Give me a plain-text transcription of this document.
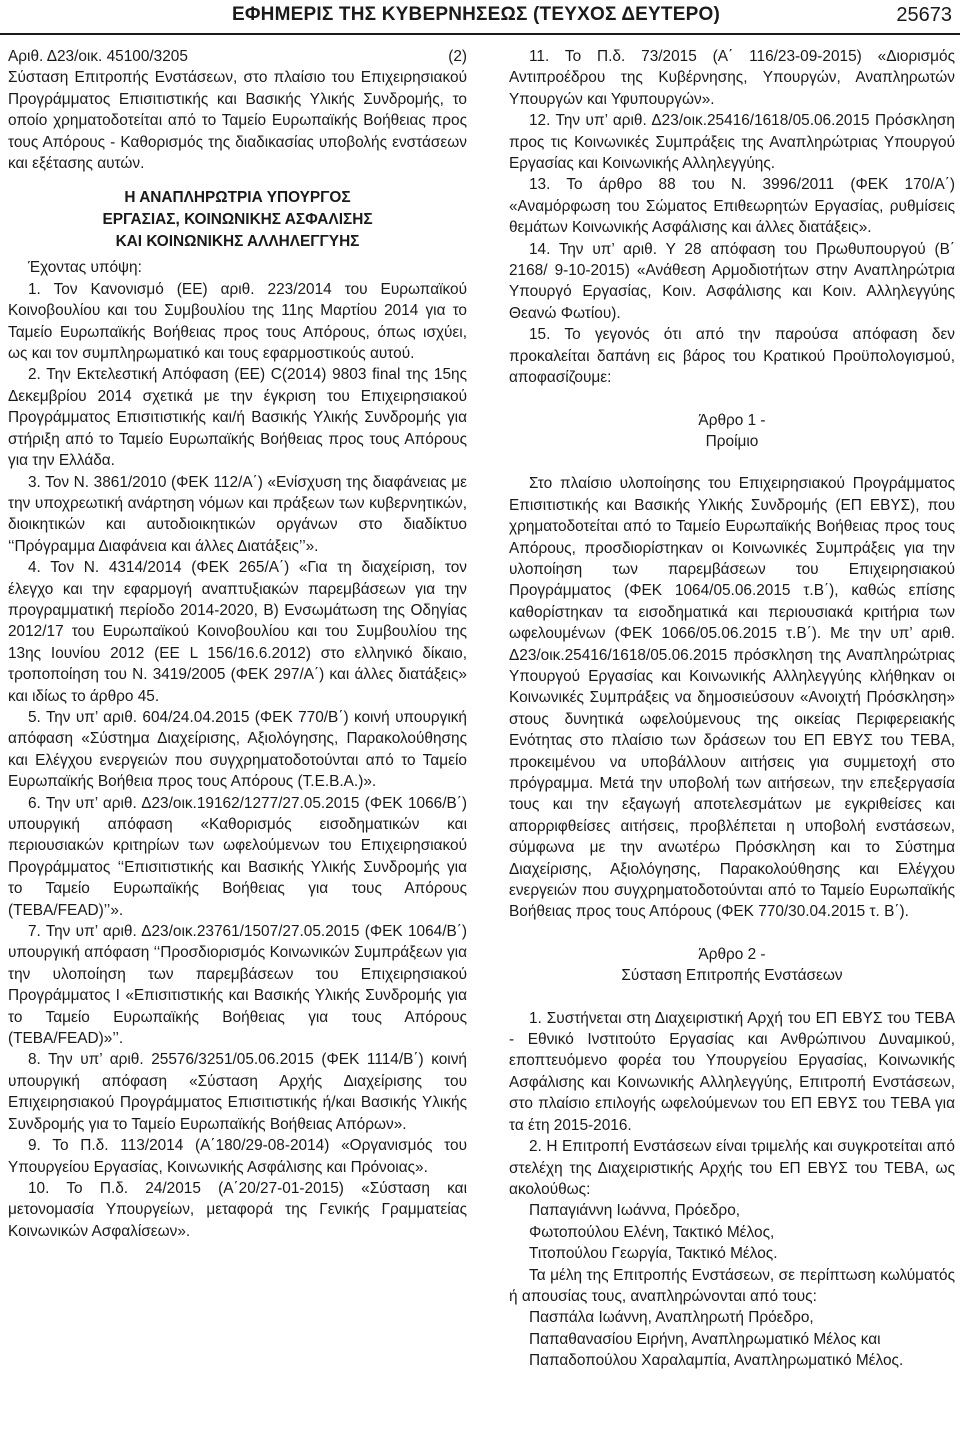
ΕΦΗΜΕΡΙΣ ΤΗΣ ΚΥΒΕΡΝΗΣΕΩΣ (ΤΕΥΧΟΣ ΔΕΥΤΕΡΟ)	25673
Αριθ. Δ23/οικ. 45100/3205	(2)

Σύσταση Επιτροπής Ενστάσεων, στο πλαίσιο του Επιχειρησιακού Προγράμματος Επισιτιστικής και Βασικής Υλικής Συνδρομής, το οποίο χρηματοδοτείται από το Ταμείο Ευρωπαϊκής Βοήθειας προς τους Απόρους - Καθορισμός της διαδικασίας υποβολής ενστάσεων και εξέτασης αυτών.

Η ΑΝΑΠΛΗΡΩΤΡΙΑ ΥΠΟΥΡΓΟΣ
ΕΡΓΑΣΙΑΣ, ΚΟΙΝΩΝΙΚΗΣ ΑΣΦΑΛΙΣΗΣ
ΚΑΙ ΚΟΙΝΩΝΙΚΗΣ ΑΛΛΗΛΕΓΓΥΗΣ

Έχοντας υπόψη:

1. Τον Κανονισμό (ΕΕ) αριθ. 223/2014 του Ευρωπαϊκού Κοινοβουλίου και του Συμβουλίου της 11ης Μαρτίου 2014 για το Ταμείο Ευρωπαϊκής Βοήθειας προς τους Απόρους, όπως ισχύει, ως και τον συμπληρωματικό και τους εφαρμοστικούς αυτού.

2. Την Εκτελεστική Απόφαση (ΕΕ) C(2014) 9803 final της 15ης Δεκεμβρίου 2014 σχετικά με την έγκριση του Επιχειρησιακού Προγράμματος Επισιτιστικής και/ή Βασικής Υλικής Συνδρομής για στήριξη από το Ταμείο Ευρωπαϊκής Βοήθειας προς τους Απόρους για την Ελλάδα.

3. Τον Ν. 3861/2010 (ΦΕΚ 112/Α΄) «Ενίσχυση της διαφάνειας με την υποχρεωτική ανάρτηση νόμων και πράξεων των κυβερνητικών, διοικητικών και αυτοδιοικητικών οργάνων στο διαδίκτυο ‘‘Πρόγραμμα Διαφάνεια και άλλες Διατάξεις’’».

4. Τον Ν. 4314/2014 (ΦΕΚ 265/Α΄) «Για τη διαχείριση, τον έλεγχο και την εφαρμογή αναπτυξιακών παρεμβάσεων για την προγραμματική περίοδο 2014-2020, Β) Ενσωμάτωση της Οδηγίας 2012/17 του Ευρωπαϊκού Κοινοβουλίου και του Συμβουλίου της 13ης Ιουνίου 2012 (ΕΕ L 156/16.6.2012) στο ελληνικό δίκαιο, τροποποίηση του Ν. 3419/2005 (ΦΕΚ 297/Α΄) και άλλες διατάξεις» και ιδίως το άρθρο 45.

5. Την υπ’ αριθ. 604/24.04.2015 (ΦΕΚ 770/Β΄) κοινή υπουργική απόφαση «Σύστημα Διαχείρισης, Αξιολόγησης, Παρακολούθησης και Ελέγχου ενεργειών που συγχρηματοδοτούνται από το Ταμείο Ευρωπαϊκής Βοήθεια προς τους Απόρους (Τ.Ε.Β.Α.)».

6. Την υπ’ αριθ. Δ23/οικ.19162/1277/27.05.2015 (ΦΕΚ 1066/Β΄) υπουργική απόφαση «Καθορισμός εισοδηματικών και περιουσιακών κριτηρίων των ωφελούμενων του Επιχειρησιακού Προγράμματος ‘‘Επισιτιστικής και Βασικής Υλικής Συνδρομής για το Ταμείο Ευρωπαϊκής Βοήθειας για τους Απόρους (ΤΕΒΑ/FEAD)’’».

7. Την υπ’ αριθ. Δ23/οικ.23761/1507/27.05.2015 (ΦΕΚ 1064/Β΄) υπουργική απόφαση ‘‘Προσδιορισμός Κοινωνικών Συμπράξεων για την υλοποίηση των παρεμβάσεων του Επιχειρησιακού Προγράμματος Ι «Επισιτιστικής και Βασικής Υλικής Συνδρομής για το Ταμείο Ευρωπαϊκής Βοήθειας για τους Απόρους (ΤΕΒΑ/FEAD)»’’.

8. Την υπ’ αριθ. 25576/3251/05.06.2015 (ΦΕΚ 1114/Β΄) κοινή υπουργική απόφαση «Σύσταση Αρχής Διαχείρισης του Επιχειρησιακού Προγράμματος Επισιτιστικής ή/και Βασικής Υλικής Συνδρομής για το Ταμείο Ευρωπαϊκής Βοήθειας Απόρων».

9. Το Π.δ. 113/2014 (Α΄180/29-08-2014) «Οργανισμός του Υπουργείου Εργασίας, Κοινωνικής Ασφάλισης και Πρόνοιας».

10. Το Π.δ. 24/2015 (Α΄20/27-01-2015) «Σύσταση και μετονομασία Υπουργείων, μεταφορά της Γενικής Γραμματείας Κοινωνικών Ασφαλίσεων».

11. Το Π.δ. 73/2015 (Α΄ 116/23-09-2015) «Διορισμός Αντιπροέδρου της Κυβέρνησης, Υπουργών, Αναπληρωτών Υπουργών και Υφυπουργών».

12. Την υπ’ αριθ. Δ23/οικ.25416/1618/05.06.2015 Πρόσκληση προς τις Κοινωνικές Συμπράξεις της Αναπληρώτριας Υπουργού Εργασίας και Κοινωνικής Αλληλεγγύης.

13. Το άρθρο 88 του Ν. 3996/2011 (ΦΕΚ 170/Α΄) «Αναμόρφωση του Σώματος Επιθεωρητών Εργασίας, ρυθμίσεις θεμάτων Κοινωνικής Ασφάλισης και άλλες διατάξεις».

14. Την υπ’ αριθ. Υ 28 απόφαση του Πρωθυπουργού (Β΄ 2168/ 9-10-2015) «Ανάθεση Αρμοδιοτήτων στην Αναπληρώτρια Υπουργό Εργασίας, Κοιν. Ασφάλισης και Κοιν. Αλληλεγγύης Θεανώ Φωτίου).

15. Το γεγονός ότι από την παρούσα απόφαση δεν προκαλείται δαπάνη εις βάρος του Κρατικού Προϋπολογισμού, αποφασίζουμε:

Άρθρο 1 -

Προίμιο

Στο πλαίσιο υλοποίησης του Επιχειρησιακού Προγράμματος Επισιτιστικής και Βασικής Υλικής Συνδρομής (ΕΠ ΕΒΥΣ), που χρηματοδοτείται από το Ταμείο Ευρωπαϊκής Βοήθειας προς τους Απόρους, προσδιορίστηκαν οι Κοινωνικές Συμπράξεις για την υλοποίηση των παρεμβάσεων του Επιχειρησιακού Προγράμματος (ΦΕΚ 1064/05.06.2015 τ.Β΄), καθώς επίσης καθορίστηκαν τα εισοδηματικά και περιουσιακά κριτήρια των ωφελουμένων (ΦΕΚ 1066/05.06.2015 τ.Β΄). Με την υπ’ αριθ. Δ23/οικ.25416/1618/05.06.2015 πρόσκληση της Αναπληρώτριας Υπουργού Εργασίας και Κοινωνικής Αλληλεγγύης κλήθηκαν οι Κοινωνικές Συμπράξεις να δημοσιεύσουν «Ανοιχτή Πρόσκληση» στους δυνητικά ωφελούμενους της οικείας Περιφερειακής Ενότητας στο πλαίσιο των δράσεων του ΕΠ ΕΒΥΣ του ΤΕΒΑ, προκειμένου να υποβάλλουν αιτήσεις για συμμετοχή στο πρόγραμμα. Μετά την υποβολή των αιτήσεων, την επεξεργασία τους και την εξαγωγή αποτελεσμάτων με εγκριθείσες και απορριφθείσες αιτήσεις, προβλέπεται η υποβολή ενστάσεων, σύμφωνα με την ανωτέρω Πρόσκληση και το Σύστημα Διαχείρισης, Αξιολόγησης, Παρακολούθησης και Ελέγχου ενεργειών που συγχρηματοδοτούνται από το Ταμείο Ευρωπαϊκής Βοήθειας προς τους Απόρους (ΦΕΚ 770/30.04.2015 τ. Β΄).

Άρθρο 2 -

Σύσταση Επιτροπής Ενστάσεων

1. Συστήνεται στη Διαχειριστική Αρχή του ΕΠ ΕΒΥΣ του ΤΕΒΑ - Εθνικό Ινστιτούτο Εργασίας και Ανθρώπινου Δυναμικού, εποπτευόμενο φορέα του Υπουργείου Εργασίας, Κοινωνικής Ασφάλισης και Κοινωνικής Αλληλεγγύης, Επιτροπή Ενστάσεων, στο πλαίσιο επιλογής ωφελούμενων του ΕΠ ΕΒΥΣ του ΤΕΒΑ για τα έτη 2015-2016.

2. Η Επιτροπή Ενστάσεων είναι τριμελής και συγκροτείται από στελέχη της Διαχειριστικής Αρχής του ΕΠ ΕΒΥΣ του ΤΕΒΑ, ως ακολούθως:

Παπαγιάννη Ιωάννα, Πρόεδρο,
Φωτοπούλου Ελένη, Τακτικό Μέλος,
Τιτοπούλου Γεωργία, Τακτικό Μέλος.

Τα μέλη της Επιτροπής Ενστάσεων, σε περίπτωση κωλύματός ή απουσίας τους, αναπληρώνονται από τους:

Πασπάλα Ιωάννη, Αναπληρωτή Πρόεδρο,
Παπαθανασίου Ειρήνη, Αναπληρωματικό Μέλος και
Παπαδοπούλου Χαραλαμπία, Αναπληρωματικό Μέλος.
